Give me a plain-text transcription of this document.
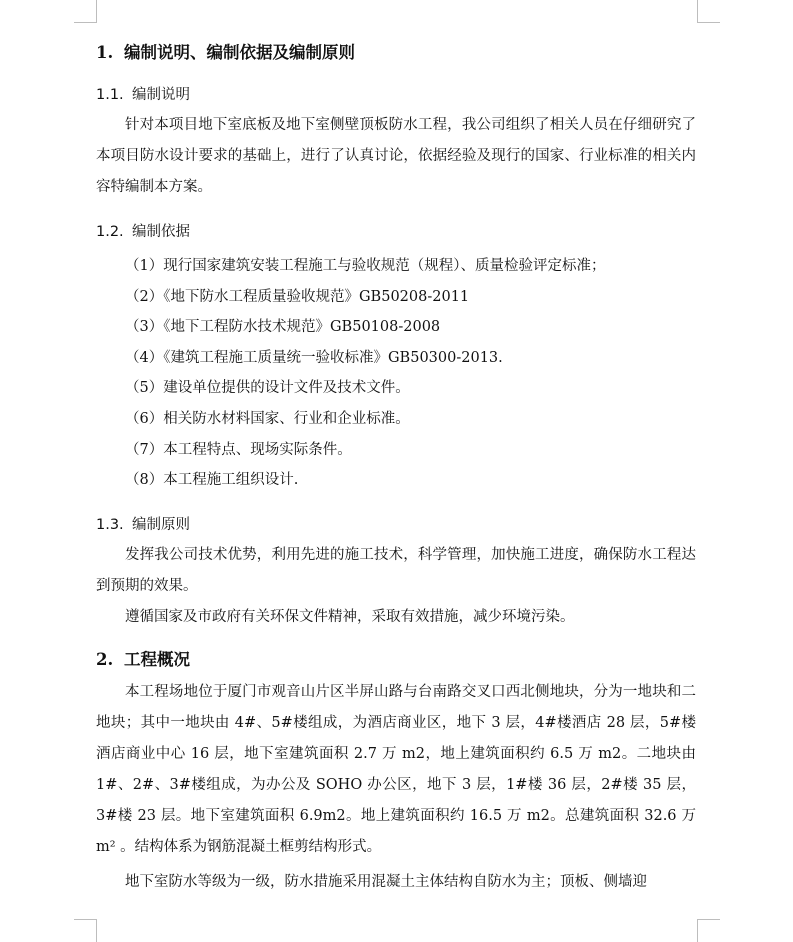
1. 编制说明、编制依据及编制原则
1.1. 编制说明

针对本项目地下室底板及地下室侧壁顶板防水工程，我公司组织了相关人员在仔细研究了本项目防水设计要求的基础上，进行了认真讨论，依据经验及现行的国家、行业标准的相关内容特编制本方案。

1.2. 编制依据

（1）现行国家建筑安装工程施工与验收规范（规程）、质量检验评定标准；

（2）《地下防水工程质量验收规范》GB50208-2011

（3）《地下工程防水技术规范》GB50108-2008

（4）《建筑工程施工质量统一验收标准》GB50300-2013.

（5）建设单位提供的设计文件及技术文件。

（6）相关防水材料国家、行业和企业标准。

（7）本工程特点、现场实际条件。

（8）本工程施工组织设计.

1.3. 编制原则

发挥我公司技术优势，利用先进的施工技术，科学管理，加快施工进度，确保防水工程达到预期的效果。

遵循国家及市政府有关环保文件精神，采取有效措施，减少环境污染。

2. 工程概况

本工程场地位于厦门市观音山片区半屏山路与台南路交叉口西北侧地块，分为一地块和二地块；其中一地块由 4#、5#楼组成，为酒店商业区，地下 3 层，4#楼酒店 28 层，5#楼酒店商业中心 16 层，地下室建筑面积 2.7 万 m2，地上建筑面积约 6.5 万 m2。二地块由 1#、2#、3#楼组成，为办公及 SOHO 办公区，地下 3 层，1#楼 36 层，2#楼 35 层，3#楼 23 层。地下室建筑面积 6.9m2。地上建筑面积约 16.5 万 m2。总建筑面积 32.6 万m² 。结构体系为钢筋混凝土框剪结构形式。

地下室防水等级为一级，防水措施采用混凝土主体结构自防水为主；顶板、侧墙迎
